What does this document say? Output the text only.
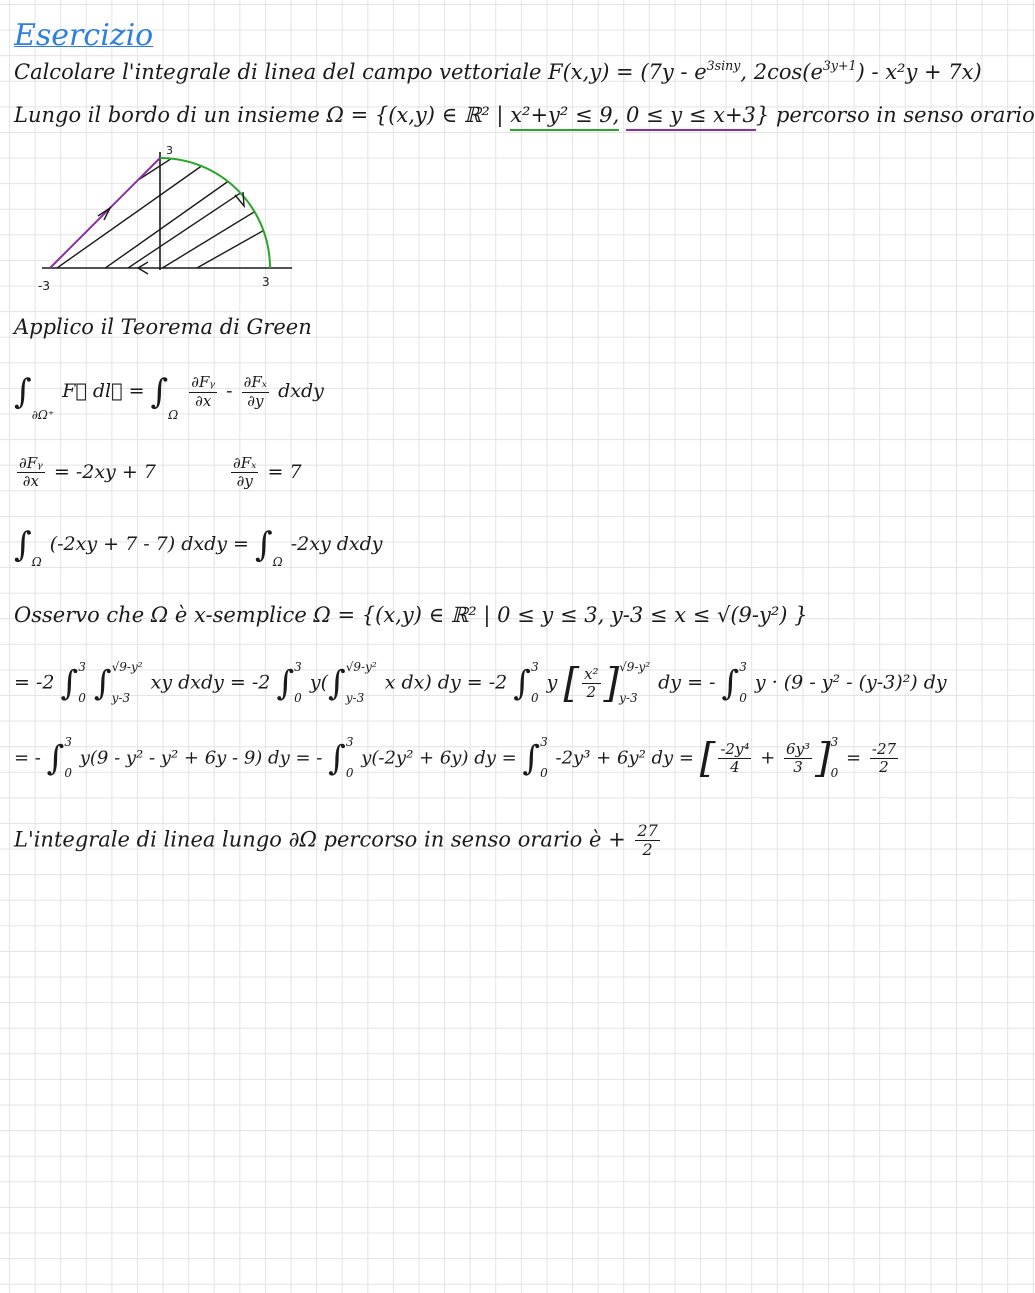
Esercizio
Calcolare l'integrale di linea del campo vettoriale $F(x,y) = (7y - e^{3siny}$, $2\cos(e^{3y+1}) - x^2y + 7x$)
Lungo il bordo di un insieme Ω = {(x,y) ∈ ℝ² | x²+y² ≤ 9, 0 ≤ y ≤ x+3} percorso in senso orario
3
-3	3
Applico il Teorema di Green
∫∂Ω⁺ F⃗ dl⃗ = ∫Ω
$\frac{\text{∂Fᵧ}}{\partial x} - \frac{\text{∂Fₓ}}{\partial y}$ dxdy
$\frac{\text{∂Fᵧ}}{\partial x} = -2xy + 7$	$\frac{\text{∂Fₓ}}{\partial y} = 7$
∫Ω (-2xy + 7 - 7) dxdy = ∫Ω -2xy dxdy
Osservo che Ω è x-semplice Ω = {(x,y) ∈ ℝ² | 0 ≤ y ≤ 3, y-3 ≤ x ≤ √(9-y²) }
= -2 ∫3

0 ∫√9-y²

y-3 xy dxdy = -2 ∫3

0 y(∫√9-y²

y-3 x dx) dy = -2 ∫3

0 y [ $\frac{\text{x²}}{2} ]√9-y^2$

y-3 dy = - ∫3

0 y · (9 - y² - (y-3)²) dy
= - ∫3

0 y(9 - y² - y² + 6y - 9) dy = - ∫3

0 y(-2y² + 6y) dy = ∫3

0 -2y³ + 6y² dy = [ $\frac{\text{-2y⁴}}{4} + \frac{\text{6y³}}{3} ]3$

$0 = \frac{-27}{2}$
L'integrale di linea lungo ∂Ω percorso in senso orario è + $\frac{27}{2}$
